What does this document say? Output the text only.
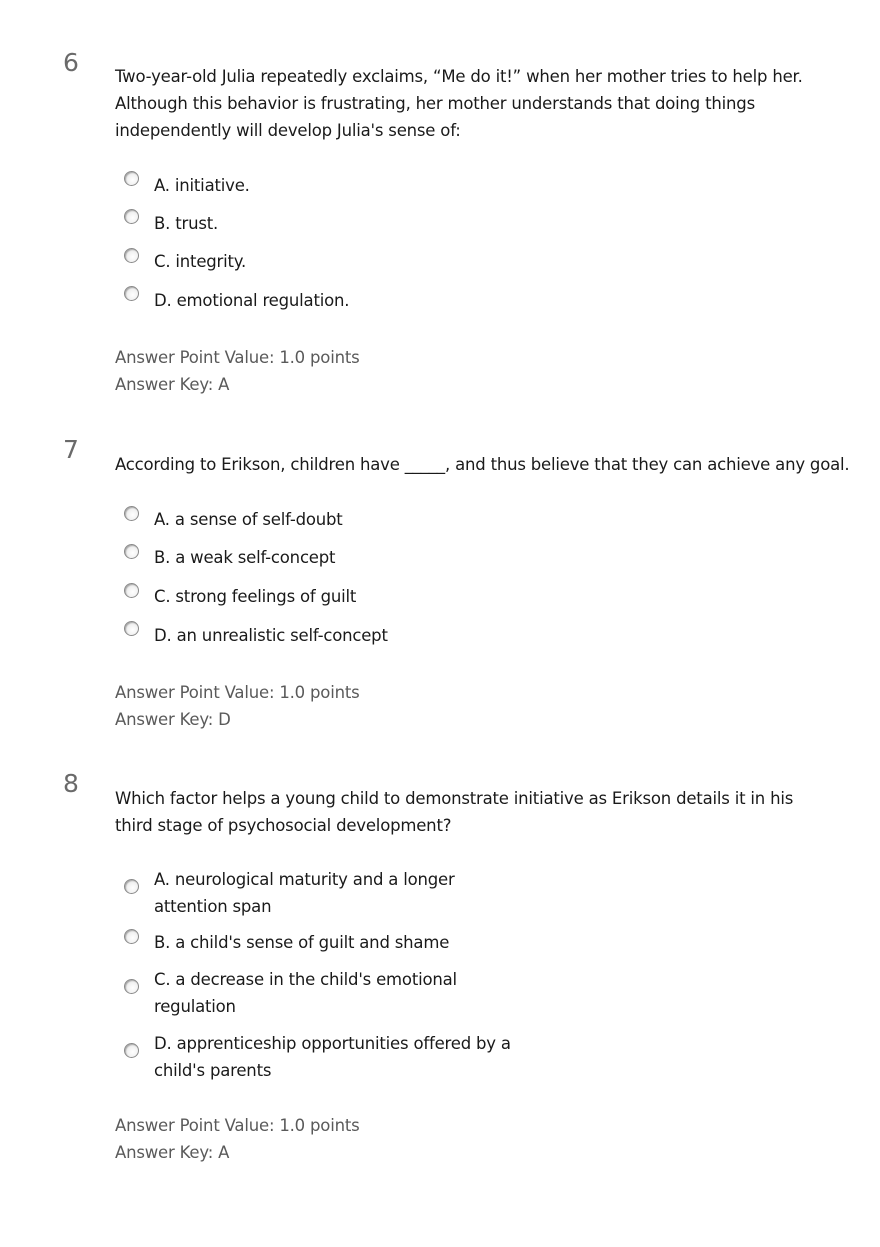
6 Two-year-old Julia repeatedly exclaims, “Me do it!” when her mother tries to help her. Although this behavior is frustrating, her mother understands that doing things independently will develop Julia's sense of:
A. initiative.
B. trust.
C. integrity.
D. emotional regulation.
Answer Point Value: 1.0 points
Answer Key: A
7
According to Erikson, children have _____, and thus believe that they can achieve any goal.
A. a sense of self-doubt
B. a weak self-concept
C. strong feelings of guilt
D. an unrealistic self-concept
Answer Point Value: 1.0 points
Answer Key: D
8
Which factor helps a young child to demonstrate initiative as Erikson details it in his third stage of psychosocial development?
A. neurological maturity and a longer attention span
B. a child's sense of guilt and shame
C. a decrease in the child's emotional regulation
D. apprenticeship opportunities offered by a child's parents
Answer Point Value: 1.0 points
Answer Key: A
